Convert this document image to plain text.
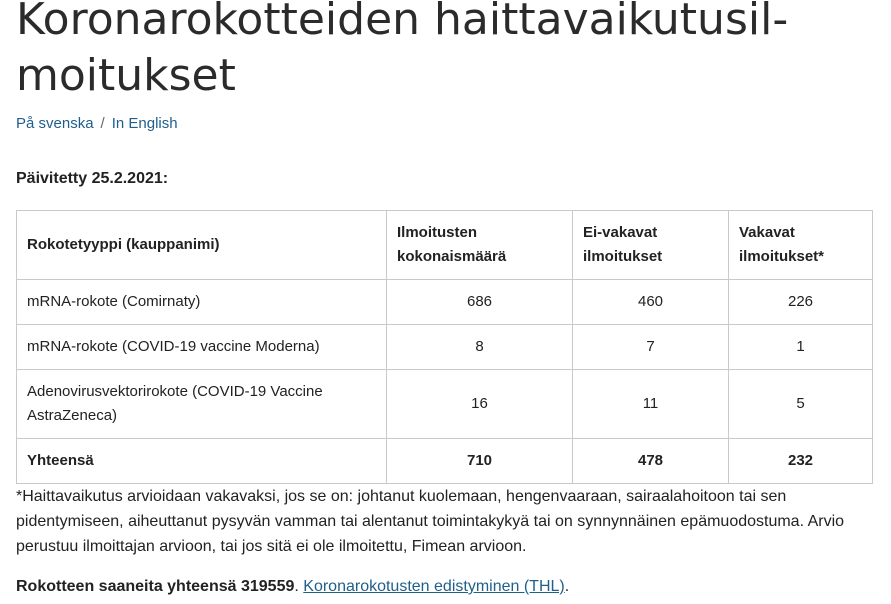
Koronarokotteiden haittavaikutusil-
moitukset
På svenska / In English
Päivitetty 25.2.2021:
Rokotetyyppi (kauppanimi)	Ilmoitusten kokonaismäärä	Ei-vakavat ilmoitukset	Vakavat ilmoitukset*
mRNA-rokote (Comirnaty)	686	460	226
mRNA-rokote (COVID-19 vaccine Moderna)	8	7	1
Adenovirusvektorirokote (COVID-19 Vaccine AstraZeneca)	16	11	5
Yhteensä	710	478	232

*Haittavaikutus arvioidaan vakavaksi, jos se on: johtanut kuolemaan, hengenvaaraan, sairaalahoitoon tai sen pidentymiseen, aiheuttanut pysyvän vamman tai alentanut toimintakykyä tai on synnynnäinen epämuodostuma. Arvio perustuu ilmoittajan arvioon, tai jos sitä ei ole ilmoitettu, Fimean arvioon.

Rokotteen saaneita yhteensä 319559. Koronarokotusten edistyminen (THL).
